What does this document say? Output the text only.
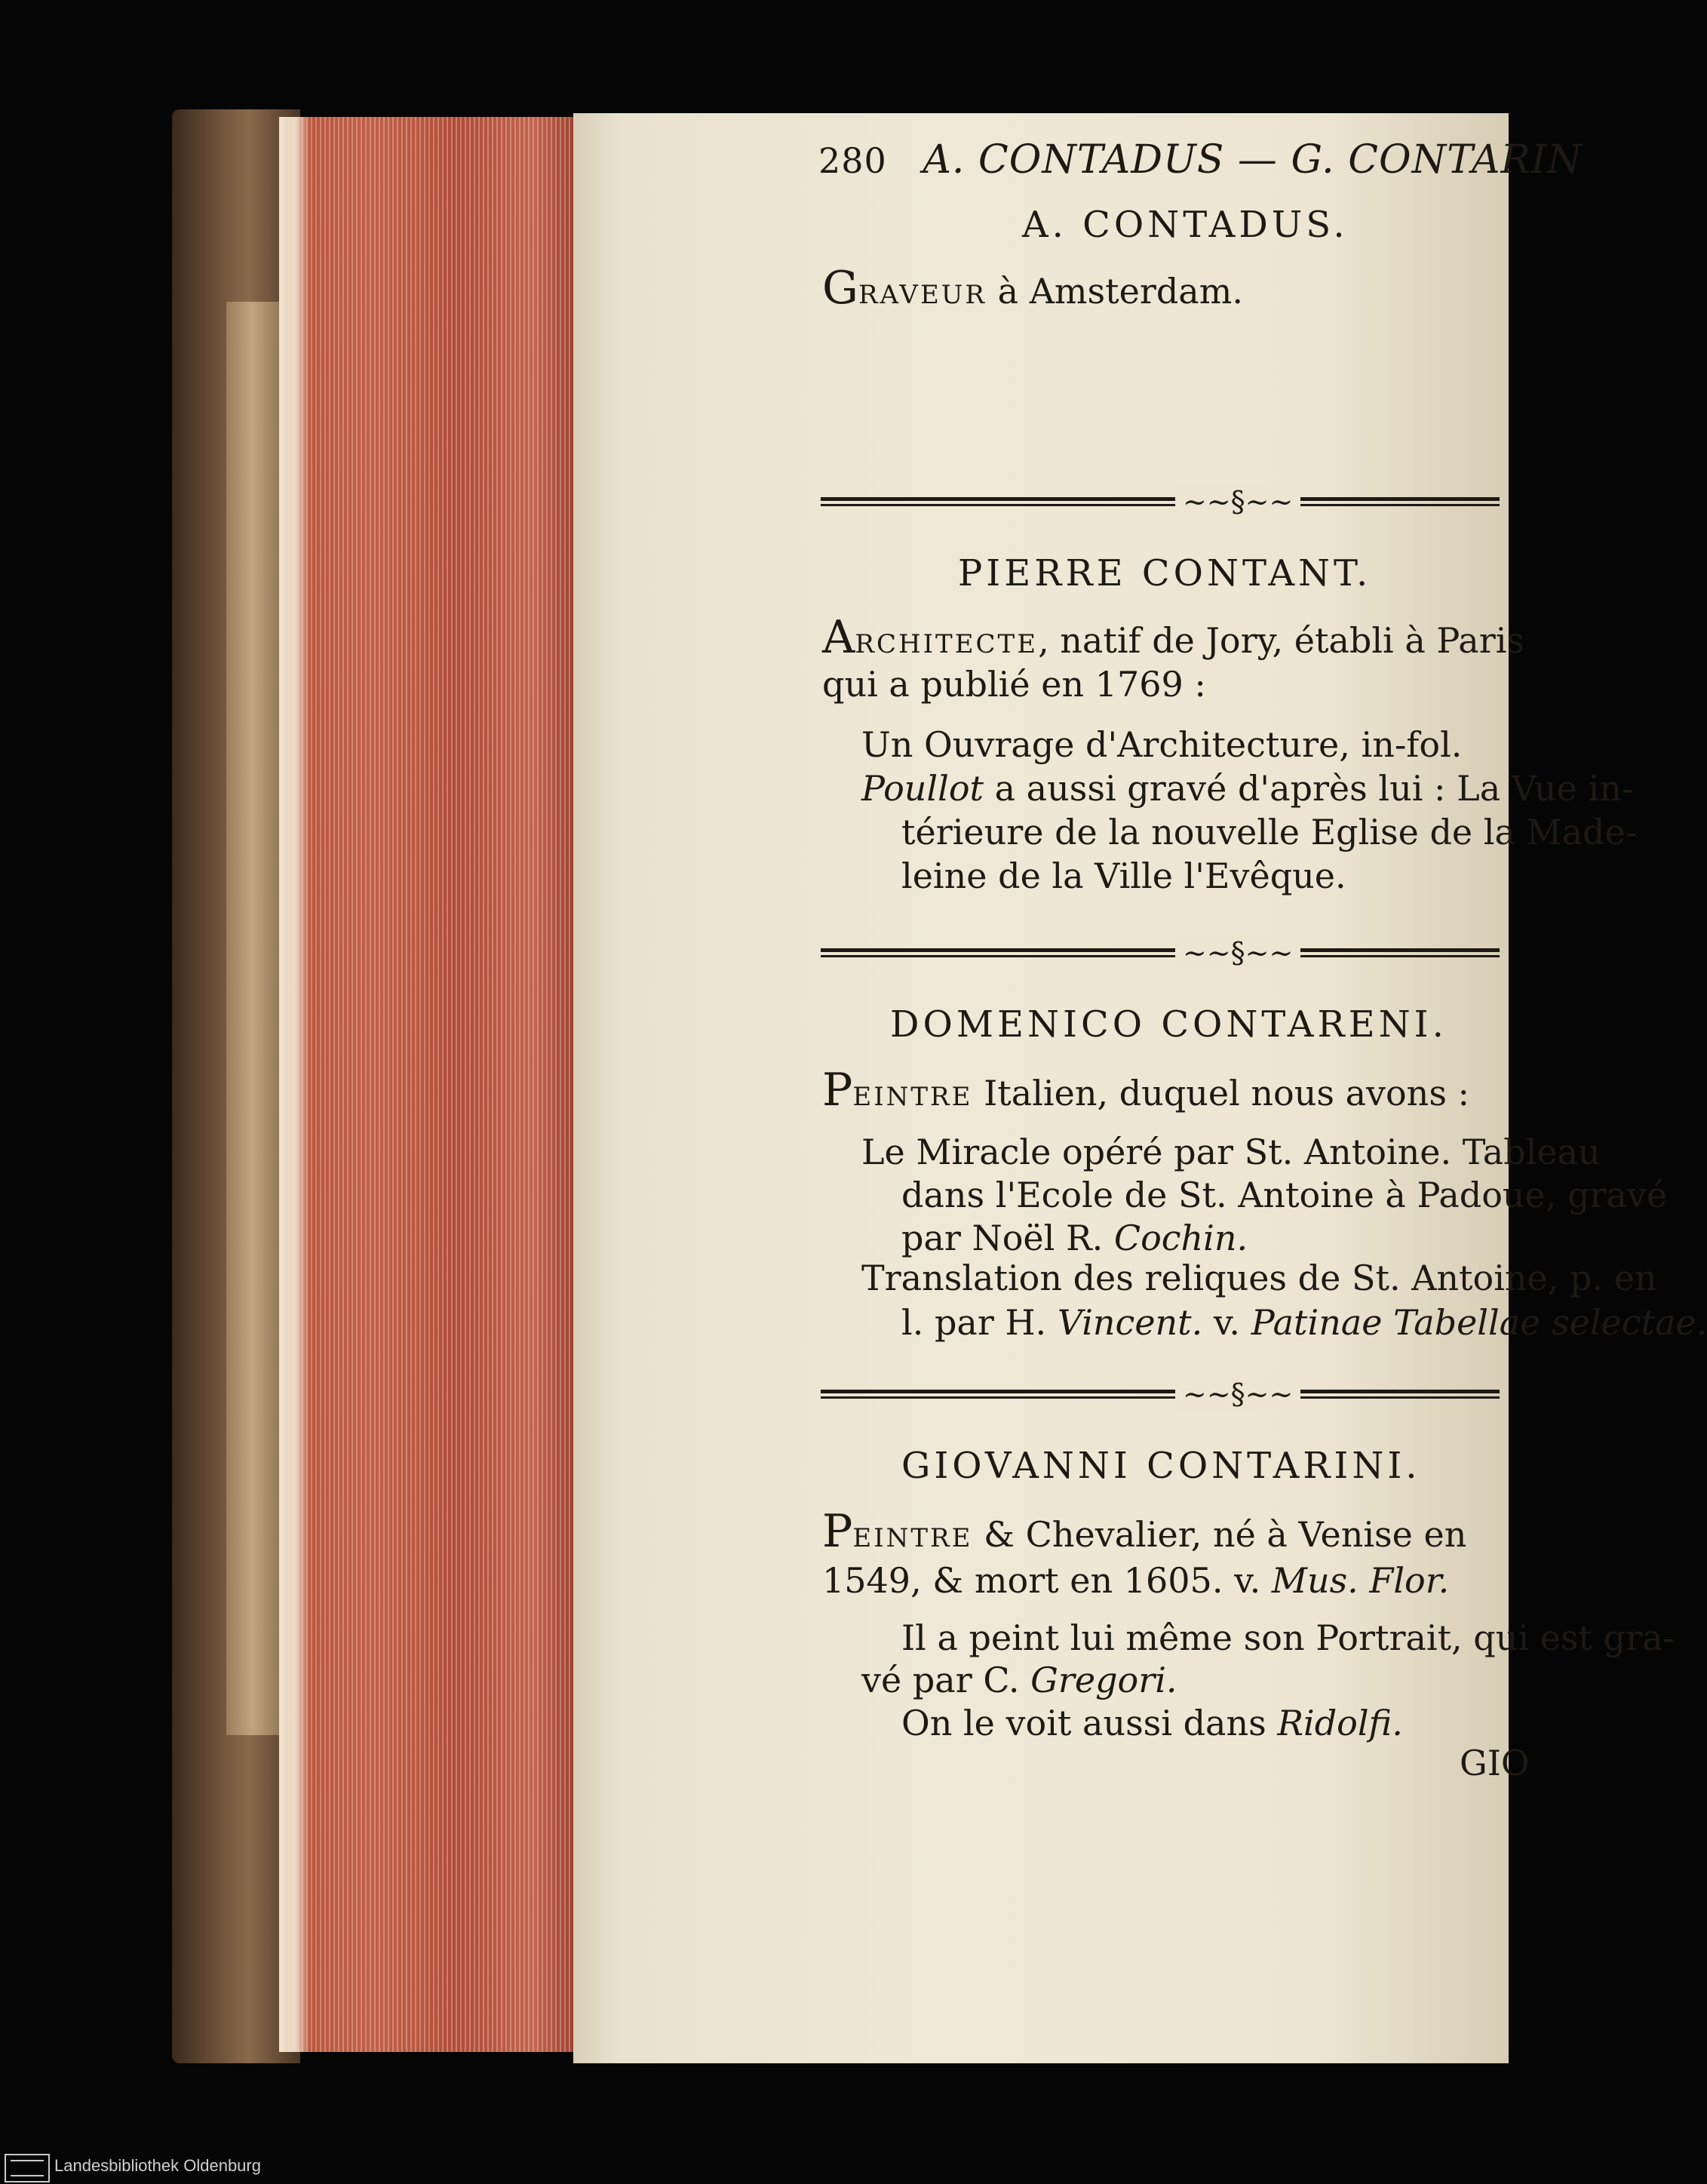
280 A. CONTADUS — G. CONTARIN
A. CONTADUS.
GRAVEUR à Amsterdam.
~~§~~
PIERRE CONTANT.
ARCHITECTE, natif de Jory, établi à Paris
qui a publié en 1769 :
Un Ouvrage d'Architecture, in-fol.
Poullot a aussi gravé d'après lui : La Vue in-
térieure de la nouvelle Eglise de la Made-
leine de la Ville l'Evêque.
~~§~~
DOMENICO CONTARENI.
PEINTRE Italien, duquel nous avons :
Le Miracle opéré par St. Antoine. Tableau
dans l'Ecole de St. Antoine à Padoue, gravé
par Noël R. Cochin.
Translation des reliques de St. Antoine, p. en
l. par H. Vincent. v. Patinae Tabellae selectae.
~~§~~
GIOVANNI CONTARINI.
PEINTRE & Chevalier, né à Venise en
1549, & mort en 1605. v. Mus. Flor.
Il a peint lui même son Portrait, qui est gra-
vé par C. Gregori.
On le voit aussi dans Ridolfi.
GIO
Landesbibliothek Oldenburg
